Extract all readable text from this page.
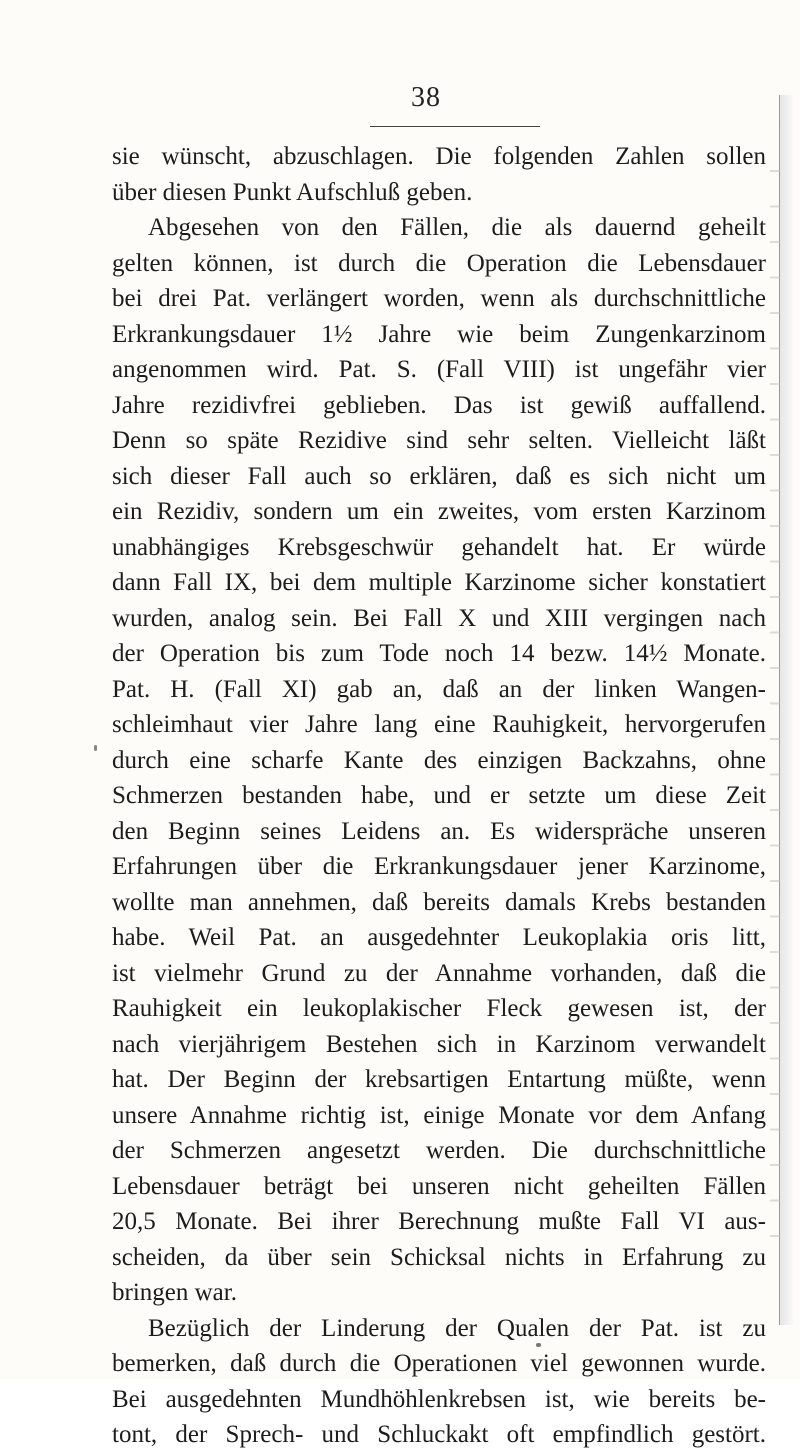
38
sie wünscht, abzuschlagen. Die folgenden Zahlen sollen
über diesen Punkt Aufschluß geben.
Abgesehen von den Fällen, die als dauernd geheilt
gelten können, ist durch die Operation die Lebensdauer
bei drei Pat. verlängert worden, wenn als durchschnittliche
Erkrankungsdauer 1½ Jahre wie beim Zungenkarzinom
angenommen wird. Pat. S. (Fall VIII) ist ungefähr vier
Jahre rezidivfrei geblieben. Das ist gewiß auffallend.
Denn so späte Rezidive sind sehr selten. Vielleicht läßt
sich dieser Fall auch so erklären, daß es sich nicht um
ein Rezidiv, sondern um ein zweites, vom ersten Karzinom
unabhängiges Krebsgeschwür gehandelt hat. Er würde
dann Fall IX, bei dem multiple Karzinome sicher konstatiert
wurden, analog sein. Bei Fall X und XIII vergingen nach
der Operation bis zum Tode noch 14 bezw. 14½ Monate.
Pat. H. (Fall XI) gab an, daß an der linken Wangen-
schleimhaut vier Jahre lang eine Rauhigkeit, hervorgerufen
durch eine scharfe Kante des einzigen Backzahns, ohne
Schmerzen bestanden habe, und er setzte um diese Zeit
den Beginn seines Leidens an. Es widerspräche unseren
Erfahrungen über die Erkrankungsdauer jener Karzinome,
wollte man annehmen, daß bereits damals Krebs bestanden
habe. Weil Pat. an ausgedehnter Leukoplakia oris litt,
ist vielmehr Grund zu der Annahme vorhanden, daß die
Rauhigkeit ein leukoplakischer Fleck gewesen ist, der
nach vierjährigem Bestehen sich in Karzinom verwandelt
hat. Der Beginn der krebsartigen Entartung müßte, wenn
unsere Annahme richtig ist, einige Monate vor dem Anfang
der Schmerzen angesetzt werden. Die durchschnittliche
Lebensdauer beträgt bei unseren nicht geheilten Fällen
20,5 Monate. Bei ihrer Berechnung mußte Fall VI aus-
scheiden, da über sein Schicksal nichts in Erfahrung zu
bringen war.
Bezüglich der Linderung der Qualen der Pat. ist zu
bemerken, daß durch die Operationen viel gewonnen wurde.
Bei ausgedehnten Mundhöhlenkrebsen ist, wie bereits be-
tont, der Sprech- und Schluckakt oft empfindlich gestört.
